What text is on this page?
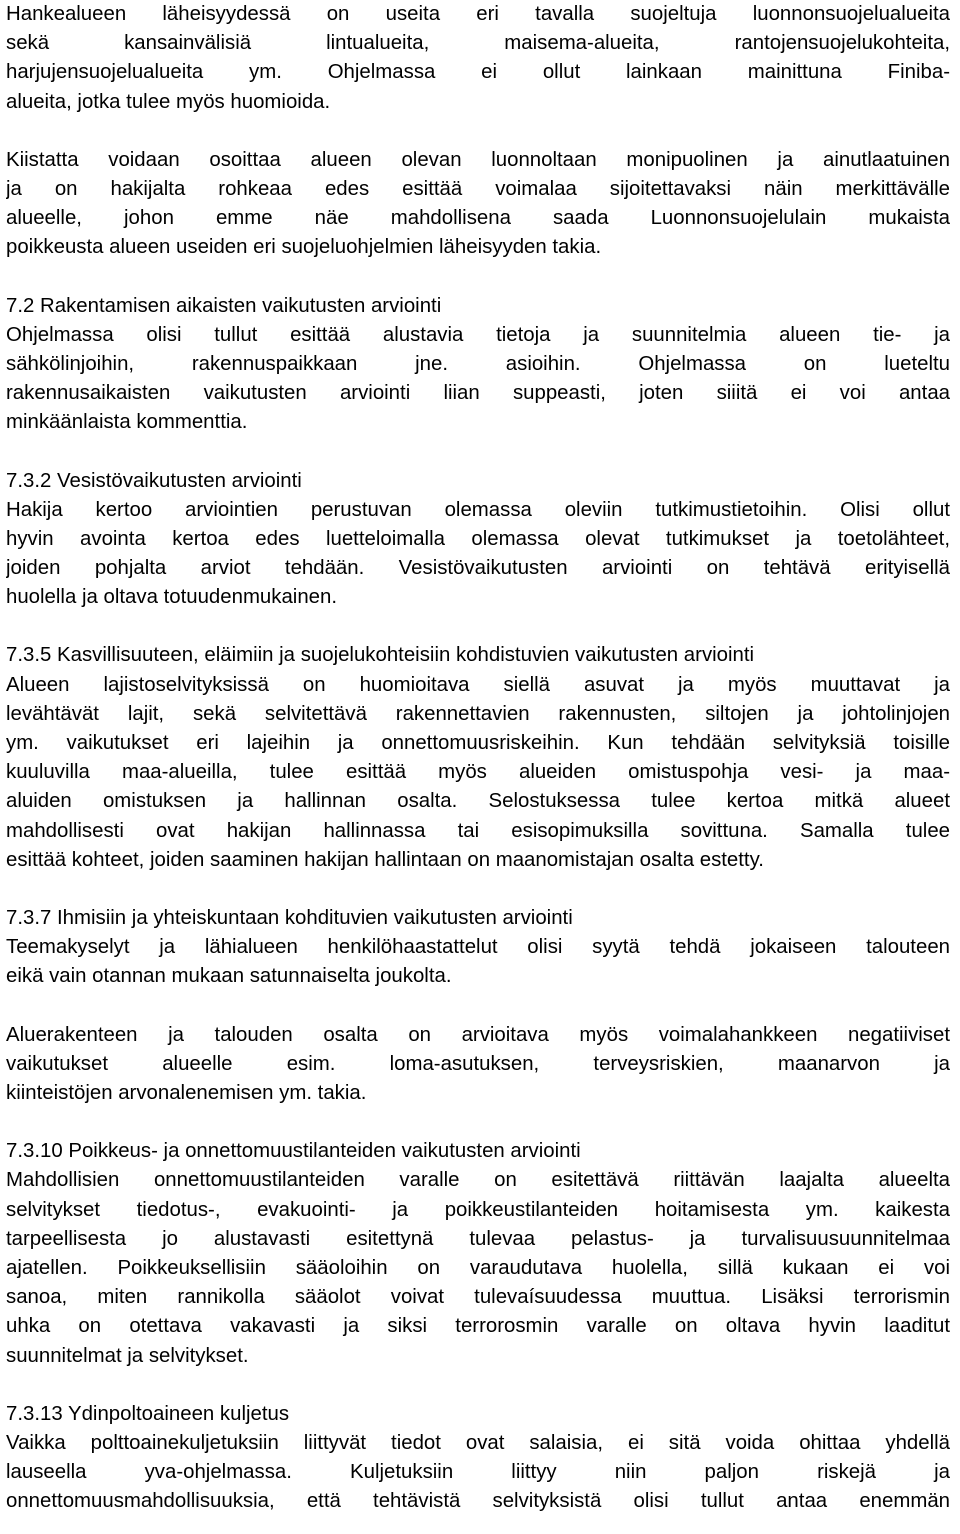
Hankealueen läheisyydessä on useita eri tavalla suojeltuja luonnonsuojelualueita
sekä kansainvälisiä lintualueita, maisema-alueita, rantojensuojelukohteita,
harjujensuojelualueita ym. Ohjelmassa ei ollut lainkaan mainittuna Finiba-
alueita, jotka tulee myös huomioida.
Kiistatta voidaan osoittaa alueen olevan luonnoltaan monipuolinen ja ainutlaatuinen
ja on hakijalta rohkeaa edes esittää voimalaa sijoitettavaksi näin merkittävälle
alueelle, johon emme näe mahdollisena saada Luonnonsuojelulain mukaista
poikkeusta alueen useiden eri suojeluohjelmien läheisyyden takia.
7.2 Rakentamisen aikaisten vaikutusten arviointi
Ohjelmassa olisi tullut esittää alustavia tietoja ja suunnitelmia alueen tie- ja
sähkölinjoihin, rakennuspaikkaan jne. asioihin. Ohjelmassa on lueteltu
rakennusaikaisten vaikutusten arviointi liian suppeasti, joten siiitä ei voi antaa
minkäänlaista kommenttia.
7.3.2 Vesistövaikutusten arviointi
Hakija kertoo arviointien perustuvan olemassa oleviin tutkimustietoihin. Olisi ollut
hyvin avointa kertoa edes luetteloimalla olemassa olevat tutkimukset ja toetolähteet,
joiden pohjalta arviot tehdään. Vesistövaikutusten arviointi on tehtävä erityisellä
huolella ja oltava totuudenmukainen.
7.3.5 Kasvillisuuteen, eläimiin ja suojelukohteisiin kohdistuvien vaikutusten arviointi
Alueen lajistoselvityksissä on huomioitava siellä asuvat ja myös muuttavat ja
levähtävät lajit, sekä selvitettävä rakennettavien rakennusten, siltojen ja johtolinjojen
ym. vaikutukset eri lajeihin ja onnettomuusriskeihin. Kun tehdään selvityksiä toisille
kuuluvilla maa-alueilla, tulee esittää myös alueiden omistuspohja vesi- ja maa-
aluiden omistuksen ja hallinnan osalta. Selostuksessa tulee kertoa mitkä alueet
mahdollisesti ovat hakijan hallinnassa tai esisopimuksilla sovittuna. Samalla tulee
esittää kohteet, joiden saaminen hakijan hallintaan on maanomistajan osalta estetty.
7.3.7 Ihmisiin ja yhteiskuntaan kohdituvien vaikutusten arviointi
Teemakyselyt ja lähialueen henkilöhaastattelut olisi syytä tehdä jokaiseen talouteen
eikä vain otannan mukaan satunnaiselta joukolta.
Aluerakenteen ja talouden osalta on arvioitava myös voimalahankkeen negatiiviset
vaikutukset alueelle esim. loma-asutuksen, terveysriskien, maanarvon ja
kiinteistöjen arvonalenemisen ym. takia.
7.3.10 Poikkeus- ja onnettomuustilanteiden vaikutusten arviointi
Mahdollisien onnettomuustilanteiden varalle on esitettävä riittävän laajalta alueelta
selvitykset tiedotus-, evakuointi- ja poikkeustilanteiden hoitamisesta ym. kaikesta
tarpeellisesta jo alustavasti esitettynä tulevaa pelastus- ja turvalisuusuunnitelmaa
ajatellen. Poikkeuksellisiin sääoloihin on varaudutava huolella, sillä kukaan ei voi
sanoa, miten rannikolla sääolot voivat tulevaísuudessa muuttua. Lisäksi terrorismin
uhka on otettava vakavasti ja siksi terrorosmin varalle on oltava hyvin laaditut
suunnitelmat ja selvitykset.
7.3.13 Ydinpoltoaineen kuljetus
Vaikka polttoainekuljetuksiin liittyvät tiedot ovat salaisia, ei sitä voida ohittaa yhdellä
lauseella yva-ohjelmassa. Kuljetuksiin liittyy niin paljon riskejä ja
onnettomuusmahdollisuuksia, että tehtävistä selvityksistä olisi tullut antaa enemmän
